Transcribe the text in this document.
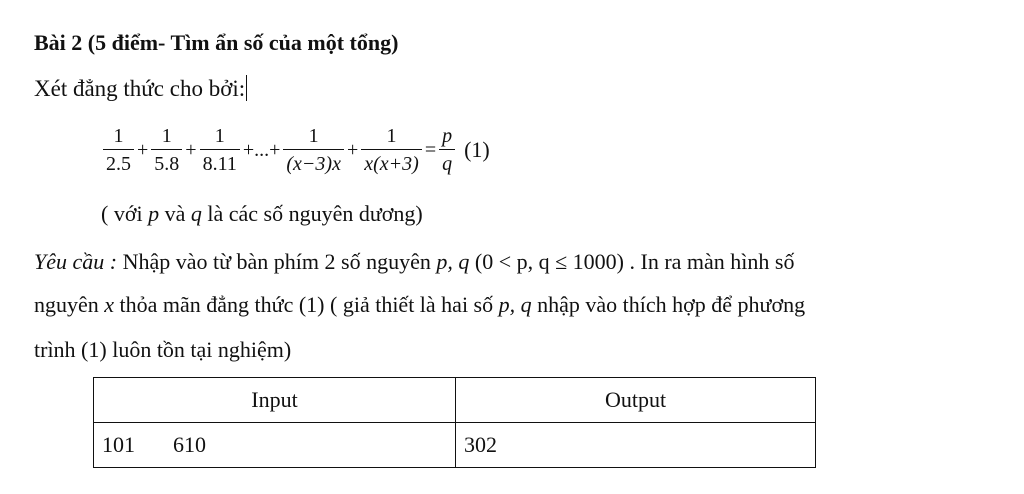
Bài 2 (5 điểm- Tìm ẩn số của một tổng)
Xét đẳng thức cho bởi:
$\frac{1}{2.5} + \frac{1}{5.8} + \frac{1}{8.11}$ +...+ $\frac{1}{(x-3)x} + \frac{1}{x(x+3)} = \frac{p}{q} (1)$
( với p và q là các số nguyên dương)
Yêu cầu : Nhập vào từ bàn phím 2 số nguyên p, q (0 < p, q ≤ 1000) . In ra màn hình số
nguyên x thỏa mãn đẳng thức (1) ( giả thiết là hai số p, q nhập vào thích hợp để phương
trình (1) luôn tồn tại nghiệm)
Input	Output
101 610	302
